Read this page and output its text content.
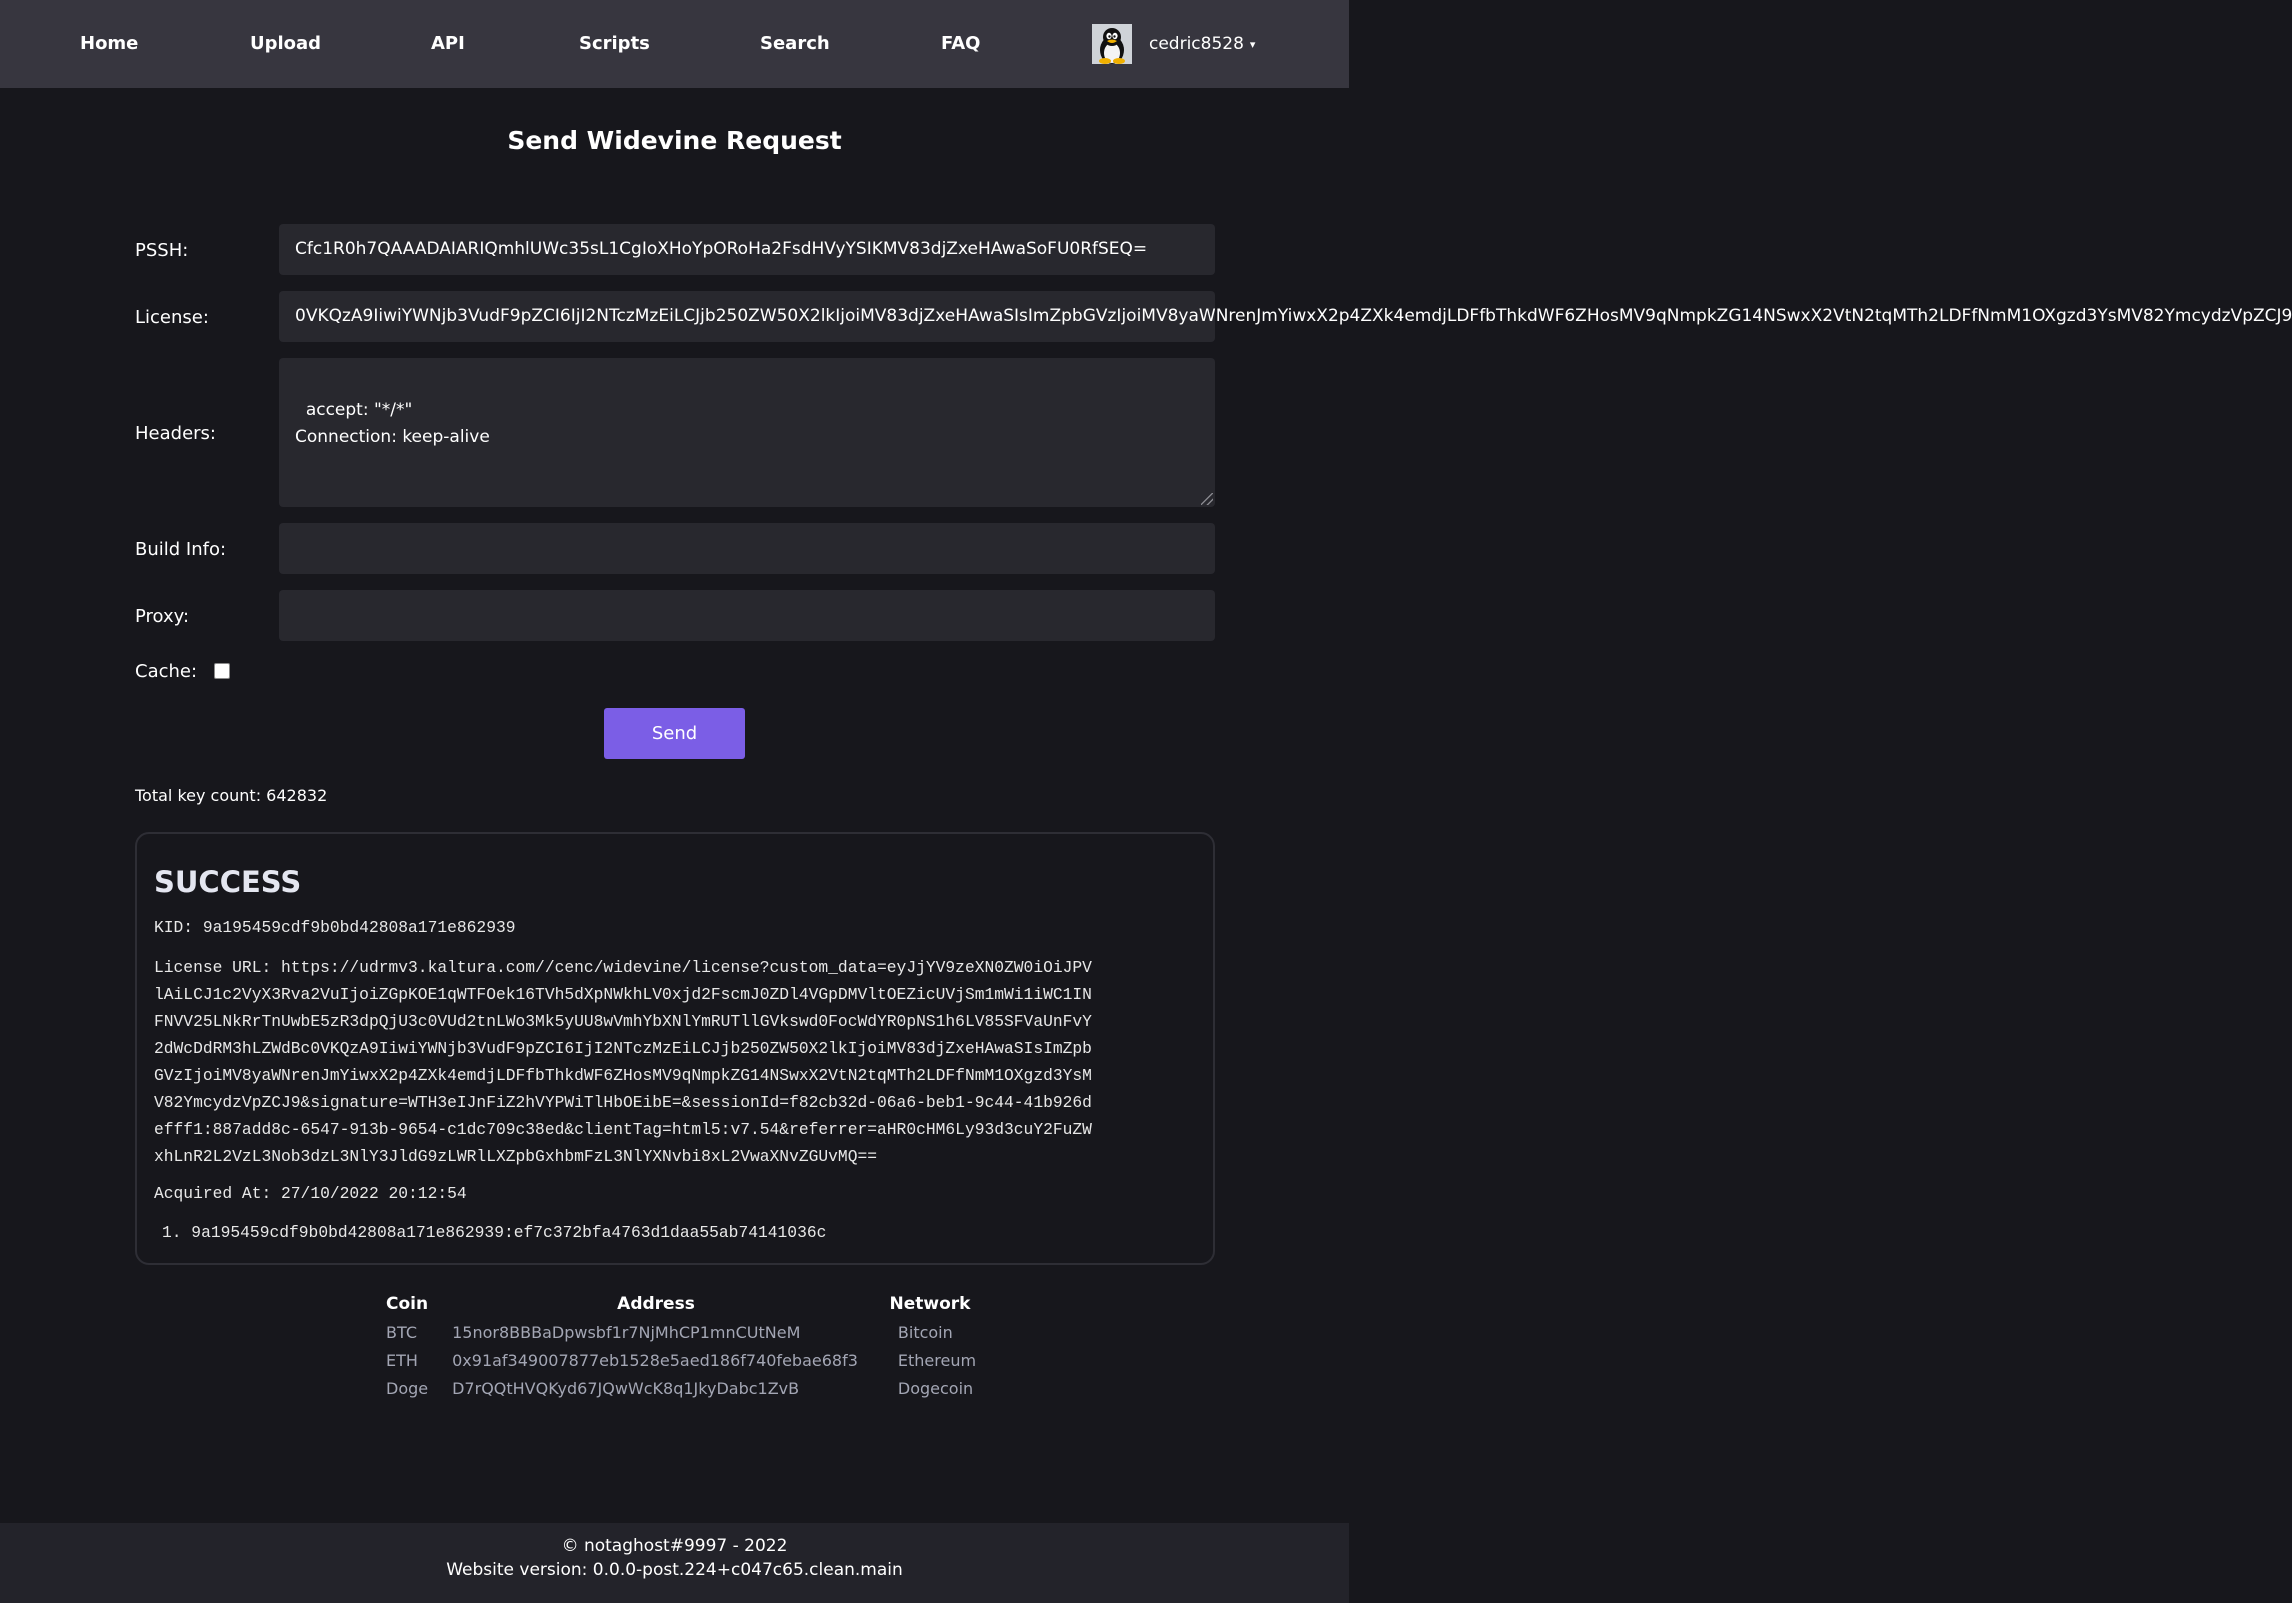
Home	Upload	API	Scripts	Search	FAQ	cedric8528 ▾
Send Widevine Request
PSSH:	Cfc1R0h7QAAADAIARIQmhlUWc35sL1CgIoXHoYpORoHa2FsdHVyYSIKMV83djZxeHAwaSoFU0RfSEQ=
License:	0VKQzA9IiwiYWNjb3VudF9pZCI6IjI2NTczMzEiLCJjb250ZW50X2lkIjoiMV83djZxeHAwaSIsImZpbGVzIjoiMV8yaWNrenJmYiwxX2p4ZXk4emdjLDFfbThkdWF6ZHosMV9qNmpkZG14NSwxX2VtN2tqMTh2LDFfNmM1OXgzd3YsMV82YmcydzVpZCJ9
Headers:

accept: "*/*"
Connection: keep-alive

Build Info:
Proxy:
Cache:
Send
Total key count: 642832
SUCCESS
KID: 9a195459cdf9b0bd42808a171e862939
License URL: https://udrmv3.kaltura.com//cenc/widevine/license?custom_data=eyJjYV9zeXN0ZW0iOiJPV
lAiLCJ1c2VyX3Rva2VuIjoiZGpKOE1qWTFOek16TVh5dXpNWkhLV0xjd2FscmJ0ZDl4VGpDMVltOEZicUVjSm1mWi1iWC1IN
FNVV25LNkRrTnUwbE5zR3dpQjU3c0VUd2tnLWo3Mk5yUU8wVmhYbXNlYmRUTllGVkswd0FocWdYR0pNS1h6LV85SFVaUnFvY
2dWcDdRM3hLZWdBc0VKQzA9IiwiYWNjb3VudF9pZCI6IjI2NTczMzEiLCJjb250ZW50X2lkIjoiMV83djZxeHAwaSIsImZpb
GVzIjoiMV8yaWNrenJmYiwxX2p4ZXk4emdjLDFfbThkdWF6ZHosMV9qNmpkZG14NSwxX2VtN2tqMTh2LDFfNmM1OXgzd3YsM
V82YmcydzVpZCJ9&signature=WTH3eIJnFiZ2hVYPWiTlHbOEibE=&sessionId=f82cb32d-06a6-beb1-9c44-41b926d
efff1:887add8c-6547-913b-9654-c1dc709c38ed&clientTag=html5:v7.54&referrer=aHR0cHM6Ly93d3cuY2FuZW
xhLnR2L2VzL3Nob3dzL3NlY3JldG9zLWRlLXZpbGxhbmFzL3NlYXNvbi8xL2VwaXNvZGUvMQ==
Acquired At: 27/10/2022 20:12:54
1. 9a195459cdf9b0bd42808a171e862939:ef7c372bfa4763d1daa55ab74141036c
Coin	Address	Network
BTC	15nor8BBBaDpwsbf1r7NjMhCP1mnCUtNeM	Bitcoin
ETH	0x91af349007877eb1528e5aed186f740febae68f3	Ethereum
Doge	D7rQQtHVQKyd67JQwWcK8q1JkyDabc1ZvB	Dogecoin
© notaghost#9997 - 2022
Website version: 0.0.0-post.224+c047c65.clean.main
